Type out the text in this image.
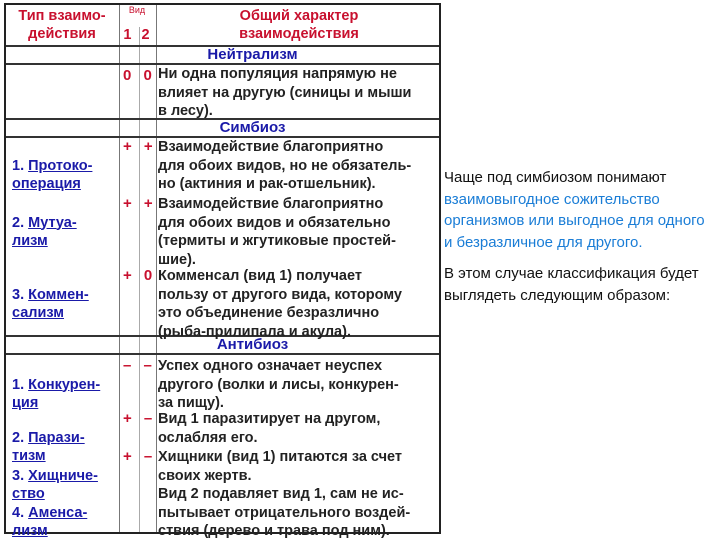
Тип взаимо-
действия
Вид
1 2
Общий характер
взаимодействия
Нейтрализм
Симбиоз
Антибиоз
0 0 Ни одна популяция напрямую не
влияет на другую (синицы и мыши
в лесу).

1. Протоко-
операция

+ + Взаимодействие благоприятно
для обоих видов, но не обязатель-
но (актиния и рак-отшельник).

2. Мутуа-
лизм

+ + Взаимодействие благоприятно
для обоих видов и обязательно
(термиты и жгутиковые простей-
шие).

3. Коммен-
сализм

+ 0 Комменсал (вид 1) получает
пользу от другого вида, которому
это объединение безразлично
(рыба-прилипала и акула).

1. Конкурен-
ция

– – Успех одного означает неуспех
другого (волки и лисы, конкурен-
за пищу).

2. Парази-
тизм

+ – Вид 1 паразитирует на другом,
ослабляя его.

3. Хищниче-
ство

+ – Хищники (вид 1) питаются за счет
своих жертв.

4. Аменса-
лизм

Вид 2 подавляет вид 1, сам не ис-
пытывает отрицательного воздей-
ствия (дерево и трава под ним).
Чаще под симбиозом понимают взаимовыгодное сожительство организмов или выгодное для одного и безразличное для другого.
В этом случае классификация будет выглядеть следующим образом:
